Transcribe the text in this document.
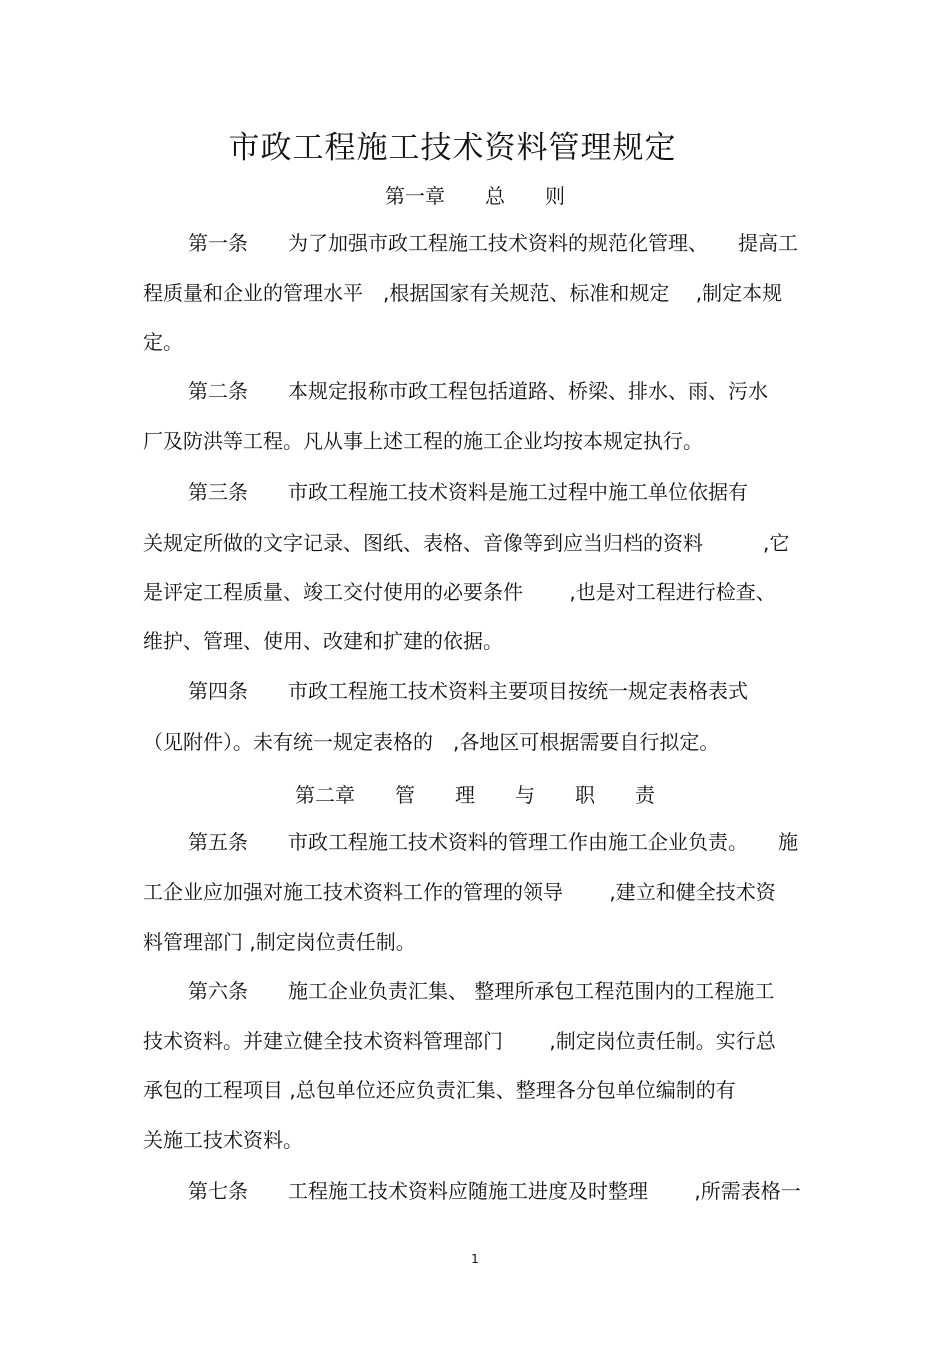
市政工程施工技术资料管理规定
第一章　　总　　则
第一条　　为了加强市政工程施工技术资料的规范化管理、　　提高工
程质量和企业的管理水平　,根据国家有关规范、标准和规定　 ,制定本规
定。
第二条　　本规定报称市政工程包括道路、桥梁、排水、雨、污水
厂及防洪等工程。凡从事上述工程的施工企业均按本规定执行。
第三条　　市政工程施工技术资料是施工过程中施工单位依据有
关规定所做的文字记录、图纸、表格、音像等到应当归档的资料　　　,它
是评定工程质量、竣工交付使用的必要条件　　 ,也是对工程进行检查、
维护、管理、使用、改建和扩建的依据。
第四条　　市政工程施工技术资料主要项目按统一规定表格表式
（见附件）。未有统一规定表格的　,各地区可根据需要自行拟定。
第二章　　管　　理　　与　　职　　责
第五条　　市政工程施工技术资料的管理工作由施工企业负责。　　施
工企业应加强对施工技术资料工作的管理的领导　　 ,建立和健全技术资
料管理部门 ,制定岗位责任制。
第六条　　施工企业负责汇集、 整理所承包工程范围内的工程施工
技术资料。并建立健全技术资料管理部门　　 ,制定岗位责任制。实行总
承包的工程项目 ,总包单位还应负责汇集、整理各分包单位编制的有
关施工技术资料。
第七条　　工程施工技术资料应随施工进度及时整理　　 ,所需表格一
1
